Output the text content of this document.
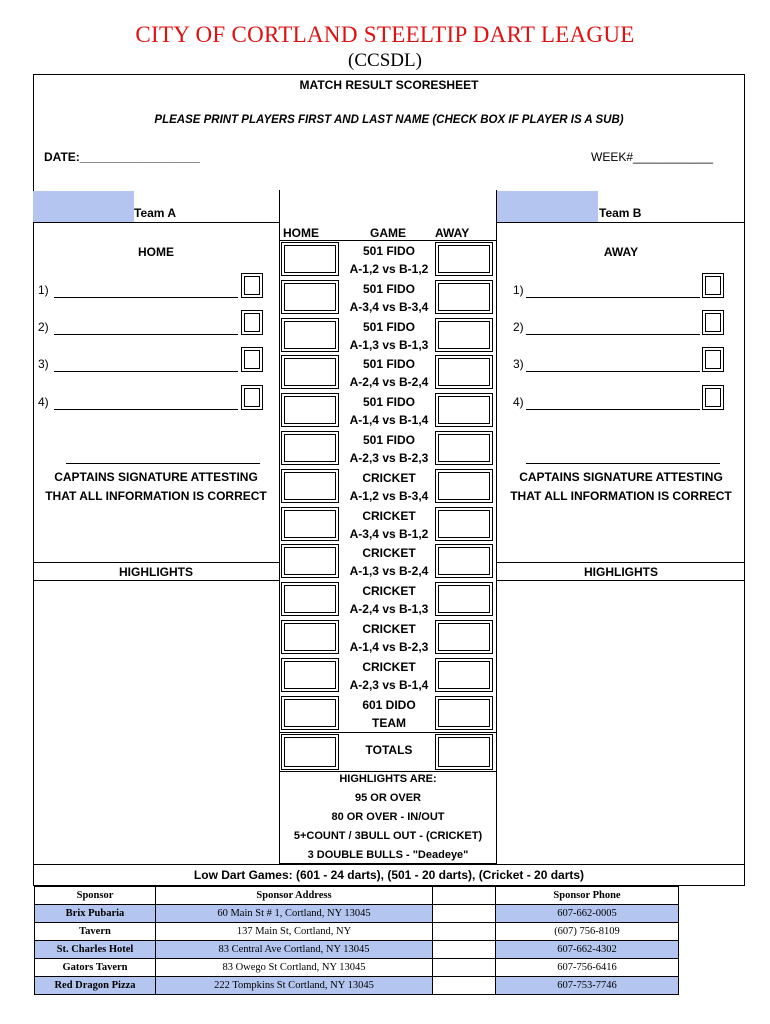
CITY OF CORTLAND STEELTIP DART LEAGUE
(CCSDL)
MATCH RESULT SCORESHEET
PLEASE PRINT PLAYERS FIRST AND LAST NAME (CHECK BOX IF PLAYER IS A SUB)
DATE:__________________	WEEK#____________
Team A	Team B
HOME	GAME AWAY
HOME
1)
2)
3)
4)
CAPTAINS SIGNATURE ATTESTING
THAT ALL INFORMATION IS CORRECT
HIGHLIGHTS
AWAY
1)
2)
3)
4)
CAPTAINS SIGNATURE ATTESTING
THAT ALL INFORMATION IS CORRECT
HIGHLIGHTS
501 FIDO
A-1,2 vs B-1,2
501 FIDO
A-3,4 vs B-3,4
501 FIDO
A-1,3 vs B-1,3
501 FIDO
A-2,4 vs B-2,4
501 FIDO
A-1,4 vs B-1,4
501 FIDO
A-2,3 vs B-2,3
CRICKET
A-1,2 vs B-3,4
CRICKET
A-3,4 vs B-1,2
CRICKET
A-1,3 vs B-2,4
CRICKET
A-2,4 vs B-1,3
CRICKET
A-1,4 vs B-2,3
CRICKET
A-2,3 vs B-1,4
601 DIDO
TEAM
TOTALS
HIGHLIGHTS ARE:
95 OR OVER
80 OR OVER - IN/OUT
5+COUNT / 3BULL OUT - (CRICKET)
3 DOUBLE BULLS - "Deadeye"
Low Dart Games: (601 - 24 darts), (501 - 20 darts), (Cricket - 20 darts)
Sponsor	Sponsor Address		Sponsor Phone
Brix Pubaria	60 Main St # 1, Cortland, NY 13045		607-662-0005
Tavern	137 Main St, Cortland, NY		(607) 756-8109
St. Charles Hotel	83 Central Ave Cortland, NY 13045		607-662-4302
Gators Tavern	83 Owego St Cortland, NY 13045		607-756-6416
Red Dragon Pizza	222 Tompkins St Cortland, NY 13045		607-753-7746
